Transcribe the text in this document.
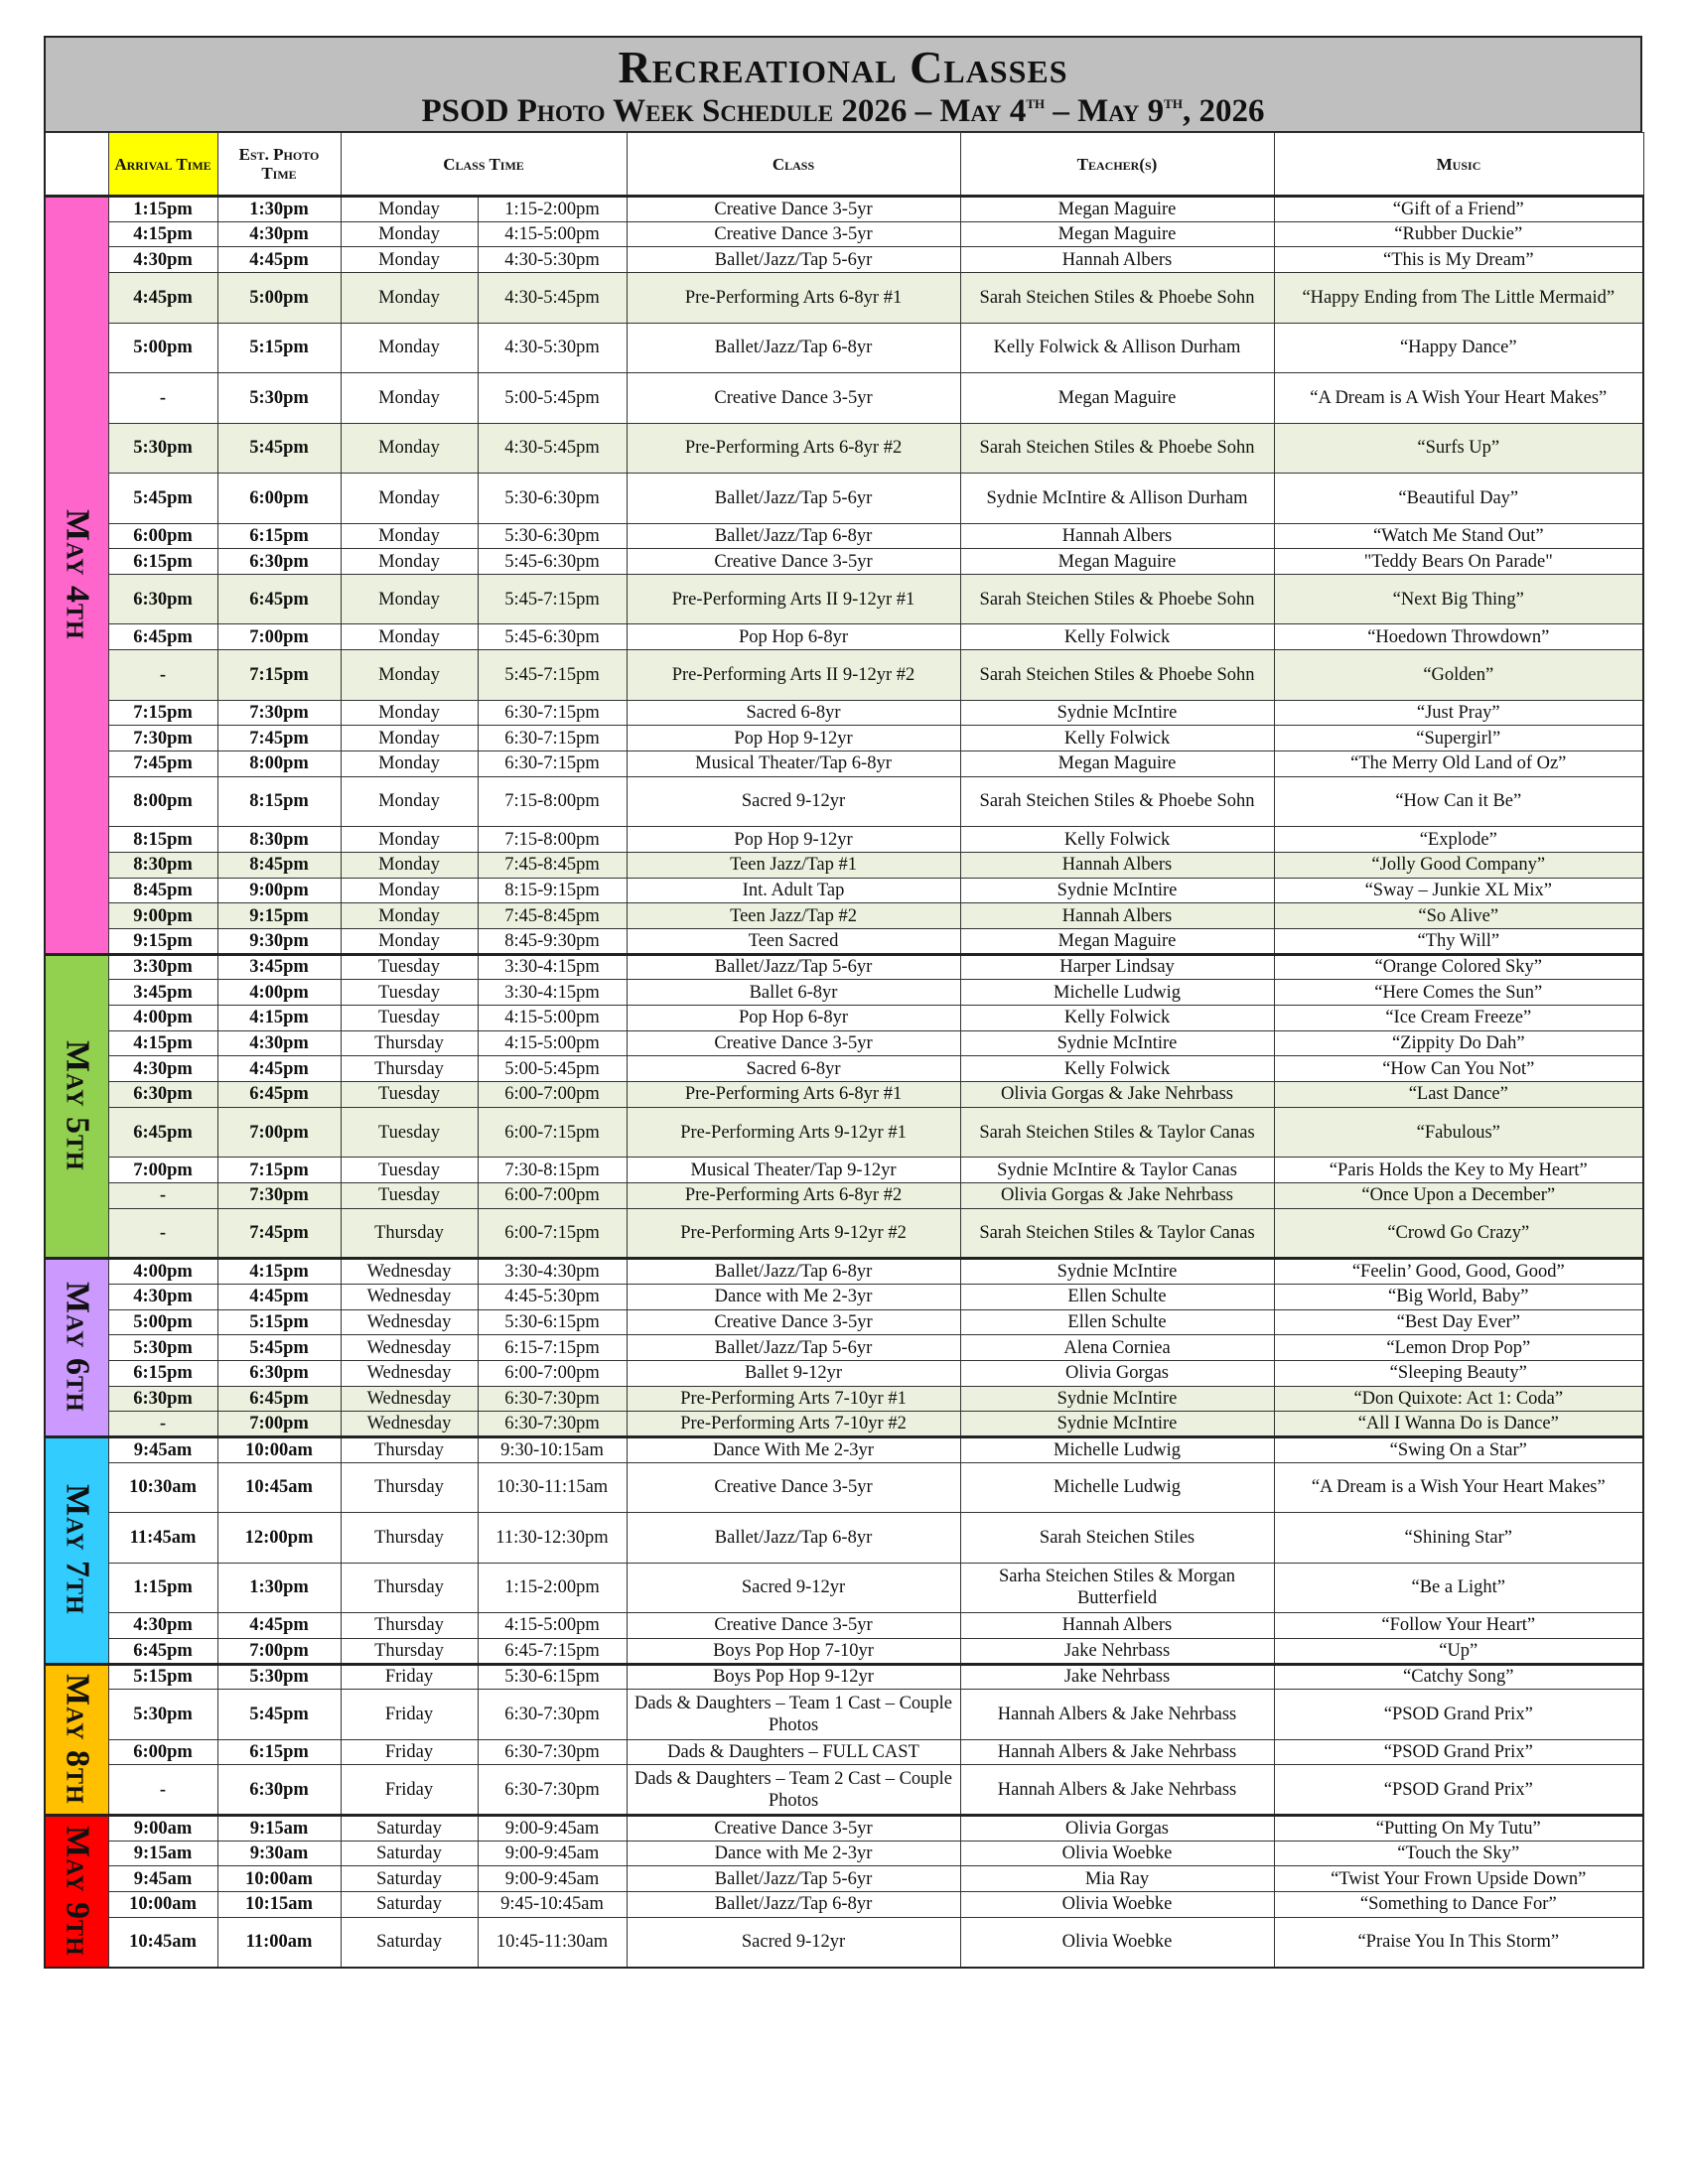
Recreational Classes
PSOD Photo Week Schedule 2026 – May 4th – May 9th, 2026
	Arrival Time	Est. Photo Time	Class Time		Class	Teacher(s)	Music
May 4th	1:15pm	1:30pm	Monday	1:15-2:00pm	Creative Dance 3-5yr	Megan Maguire	“Gift of a Friend”
	4:15pm	4:30pm	Monday	4:15-5:00pm	Creative Dance 3-5yr	Megan Maguire	“Rubber Duckie”
	4:30pm	4:45pm	Monday	4:30-5:30pm	Ballet/Jazz/Tap 5-6yr	Hannah Albers	“This is My Dream”
	4:45pm	5:00pm	Monday	4:30-5:45pm	Pre-Performing Arts 6-8yr #1	Sarah Steichen Stiles & Phoebe Sohn	“Happy Ending from The Little Mermaid”
	5:00pm	5:15pm	Monday	4:30-5:30pm	Ballet/Jazz/Tap 6-8yr	Kelly Folwick & Allison Durham	“Happy Dance”
	-	5:30pm	Monday	5:00-5:45pm	Creative Dance 3-5yr	Megan Maguire	“A Dream is A Wish Your Heart Makes”
	5:30pm	5:45pm	Monday	4:30-5:45pm	Pre-Performing Arts 6-8yr #2	Sarah Steichen Stiles & Phoebe Sohn	“Surfs Up”
	5:45pm	6:00pm	Monday	5:30-6:30pm	Ballet/Jazz/Tap 5-6yr	Sydnie McIntire & Allison Durham	“Beautiful Day”
	6:00pm	6:15pm	Monday	5:30-6:30pm	Ballet/Jazz/Tap 6-8yr	Hannah Albers	“Watch Me Stand Out”
	6:15pm	6:30pm	Monday	5:45-6:30pm	Creative Dance 3-5yr	Megan Maguire	"Teddy Bears On Parade"
	6:30pm	6:45pm	Monday	5:45-7:15pm	Pre-Performing Arts II 9-12yr #1	Sarah Steichen Stiles & Phoebe Sohn	“Next Big Thing”
	6:45pm	7:00pm	Monday	5:45-6:30pm	Pop Hop 6-8yr	Kelly Folwick	“Hoedown Throwdown”
	-	7:15pm	Monday	5:45-7:15pm	Pre-Performing Arts II 9-12yr #2	Sarah Steichen Stiles & Phoebe Sohn	“Golden”
	7:15pm	7:30pm	Monday	6:30-7:15pm	Sacred 6-8yr	Sydnie McIntire	“Just Pray”
	7:30pm	7:45pm	Monday	6:30-7:15pm	Pop Hop 9-12yr	Kelly Folwick	“Supergirl”
	7:45pm	8:00pm	Monday	6:30-7:15pm	Musical Theater/Tap 6-8yr	Megan Maguire	“The Merry Old Land of Oz”
	8:00pm	8:15pm	Monday	7:15-8:00pm	Sacred 9-12yr	Sarah Steichen Stiles & Phoebe Sohn	“How Can it Be”
	8:15pm	8:30pm	Monday	7:15-8:00pm	Pop Hop 9-12yr	Kelly Folwick	“Explode”
	8:30pm	8:45pm	Monday	7:45-8:45pm	Teen Jazz/Tap #1	Hannah Albers	“Jolly Good Company”
	8:45pm	9:00pm	Monday	8:15-9:15pm	Int. Adult Tap	Sydnie McIntire	“Sway – Junkie XL Mix”
	9:00pm	9:15pm	Monday	7:45-8:45pm	Teen Jazz/Tap #2	Hannah Albers	“So Alive”
	9:15pm	9:30pm	Monday	8:45-9:30pm	Teen Sacred	Megan Maguire	“Thy Will”
May 5th	3:30pm	3:45pm	Tuesday	3:30-4:15pm	Ballet/Jazz/Tap 5-6yr	Harper Lindsay	“Orange Colored Sky”
	3:45pm	4:00pm	Tuesday	3:30-4:15pm	Ballet 6-8yr	Michelle Ludwig	“Here Comes the Sun”
	4:00pm	4:15pm	Tuesday	4:15-5:00pm	Pop Hop 6-8yr	Kelly Folwick	“Ice Cream Freeze”
	4:15pm	4:30pm	Thursday	4:15-5:00pm	Creative Dance 3-5yr	Sydnie McIntire	“Zippity Do Dah”
	4:30pm	4:45pm	Thursday	5:00-5:45pm	Sacred 6-8yr	Kelly Folwick	“How Can You Not”
	6:30pm	6:45pm	Tuesday	6:00-7:00pm	Pre-Performing Arts 6-8yr #1	Olivia Gorgas & Jake Nehrbass	“Last Dance”
	6:45pm	7:00pm	Tuesday	6:00-7:15pm	Pre-Performing Arts 9-12yr #1	Sarah Steichen Stiles & Taylor Canas	“Fabulous”
	7:00pm	7:15pm	Tuesday	7:30-8:15pm	Musical Theater/Tap 9-12yr	Sydnie McIntire & Taylor Canas	“Paris Holds the Key to My Heart”
	-	7:30pm	Tuesday	6:00-7:00pm	Pre-Performing Arts 6-8yr #2	Olivia Gorgas & Jake Nehrbass	“Once Upon a December”
	-	7:45pm	Thursday	6:00-7:15pm	Pre-Performing Arts 9-12yr #2	Sarah Steichen Stiles & Taylor Canas	“Crowd Go Crazy”
May 6th	4:00pm	4:15pm	Wednesday	3:30-4:30pm	Ballet/Jazz/Tap 6-8yr	Sydnie McIntire	“Feelin’ Good, Good, Good”
	4:30pm	4:45pm	Wednesday	4:45-5:30pm	Dance with Me 2-3yr	Ellen Schulte	“Big World, Baby”
	5:00pm	5:15pm	Wednesday	5:30-6:15pm	Creative Dance 3-5yr	Ellen Schulte	“Best Day Ever”
	5:30pm	5:45pm	Wednesday	6:15-7:15pm	Ballet/Jazz/Tap 5-6yr	Alena Corniea	“Lemon Drop Pop”
	6:15pm	6:30pm	Wednesday	6:00-7:00pm	Ballet 9-12yr	Olivia Gorgas	“Sleeping Beauty”
	6:30pm	6:45pm	Wednesday	6:30-7:30pm	Pre-Performing Arts 7-10yr #1	Sydnie McIntire	“Don Quixote: Act 1: Coda”
	-	7:00pm	Wednesday	6:30-7:30pm	Pre-Performing Arts 7-10yr #2	Sydnie McIntire	“All I Wanna Do is Dance”
May 7th	9:45am	10:00am	Thursday	9:30-10:15am	Dance With Me 2-3yr	Michelle Ludwig	“Swing On a Star”
	10:30am	10:45am	Thursday	10:30-11:15am	Creative Dance 3-5yr	Michelle Ludwig	“A Dream is a Wish Your Heart Makes”
	11:45am	12:00pm	Thursday	11:30-12:30pm	Ballet/Jazz/Tap 6-8yr	Sarah Steichen Stiles	“Shining Star”
	1:15pm	1:30pm	Thursday	1:15-2:00pm	Sacred 9-12yr	Sarha Steichen Stiles & Morgan Butterfield	“Be a Light”
	4:30pm	4:45pm	Thursday	4:15-5:00pm	Creative Dance 3-5yr	Hannah Albers	“Follow Your Heart”
	6:45pm	7:00pm	Thursday	6:45-7:15pm	Boys Pop Hop 7-10yr	Jake Nehrbass	“Up”
May 8th	5:15pm	5:30pm	Friday	5:30-6:15pm	Boys Pop Hop 9-12yr	Jake Nehrbass	“Catchy Song”
	5:30pm	5:45pm	Friday	6:30-7:30pm	Dads & Daughters – Team 1 Cast – Couple Photos	Hannah Albers & Jake Nehrbass	“PSOD Grand Prix”
	6:00pm	6:15pm	Friday	6:30-7:30pm	Dads & Daughters – FULL CAST	Hannah Albers & Jake Nehrbass	“PSOD Grand Prix”
	-	6:30pm	Friday	6:30-7:30pm	Dads & Daughters – Team 2 Cast – Couple Photos	Hannah Albers & Jake Nehrbass	“PSOD Grand Prix”
May 9th	9:00am	9:15am	Saturday	9:00-9:45am	Creative Dance 3-5yr	Olivia Gorgas	“Putting On My Tutu”
	9:15am	9:30am	Saturday	9:00-9:45am	Dance with Me 2-3yr	Olivia Woebke	“Touch the Sky”
	9:45am	10:00am	Saturday	9:00-9:45am	Ballet/Jazz/Tap 5-6yr	Mia Ray	“Twist Your Frown Upside Down”
	10:00am	10:15am	Saturday	9:45-10:45am	Ballet/Jazz/Tap 6-8yr	Olivia Woebke	“Something to Dance For”
	10:45am	11:00am	Saturday	10:45-11:30am	Sacred 9-12yr	Olivia Woebke	“Praise You In This Storm”
